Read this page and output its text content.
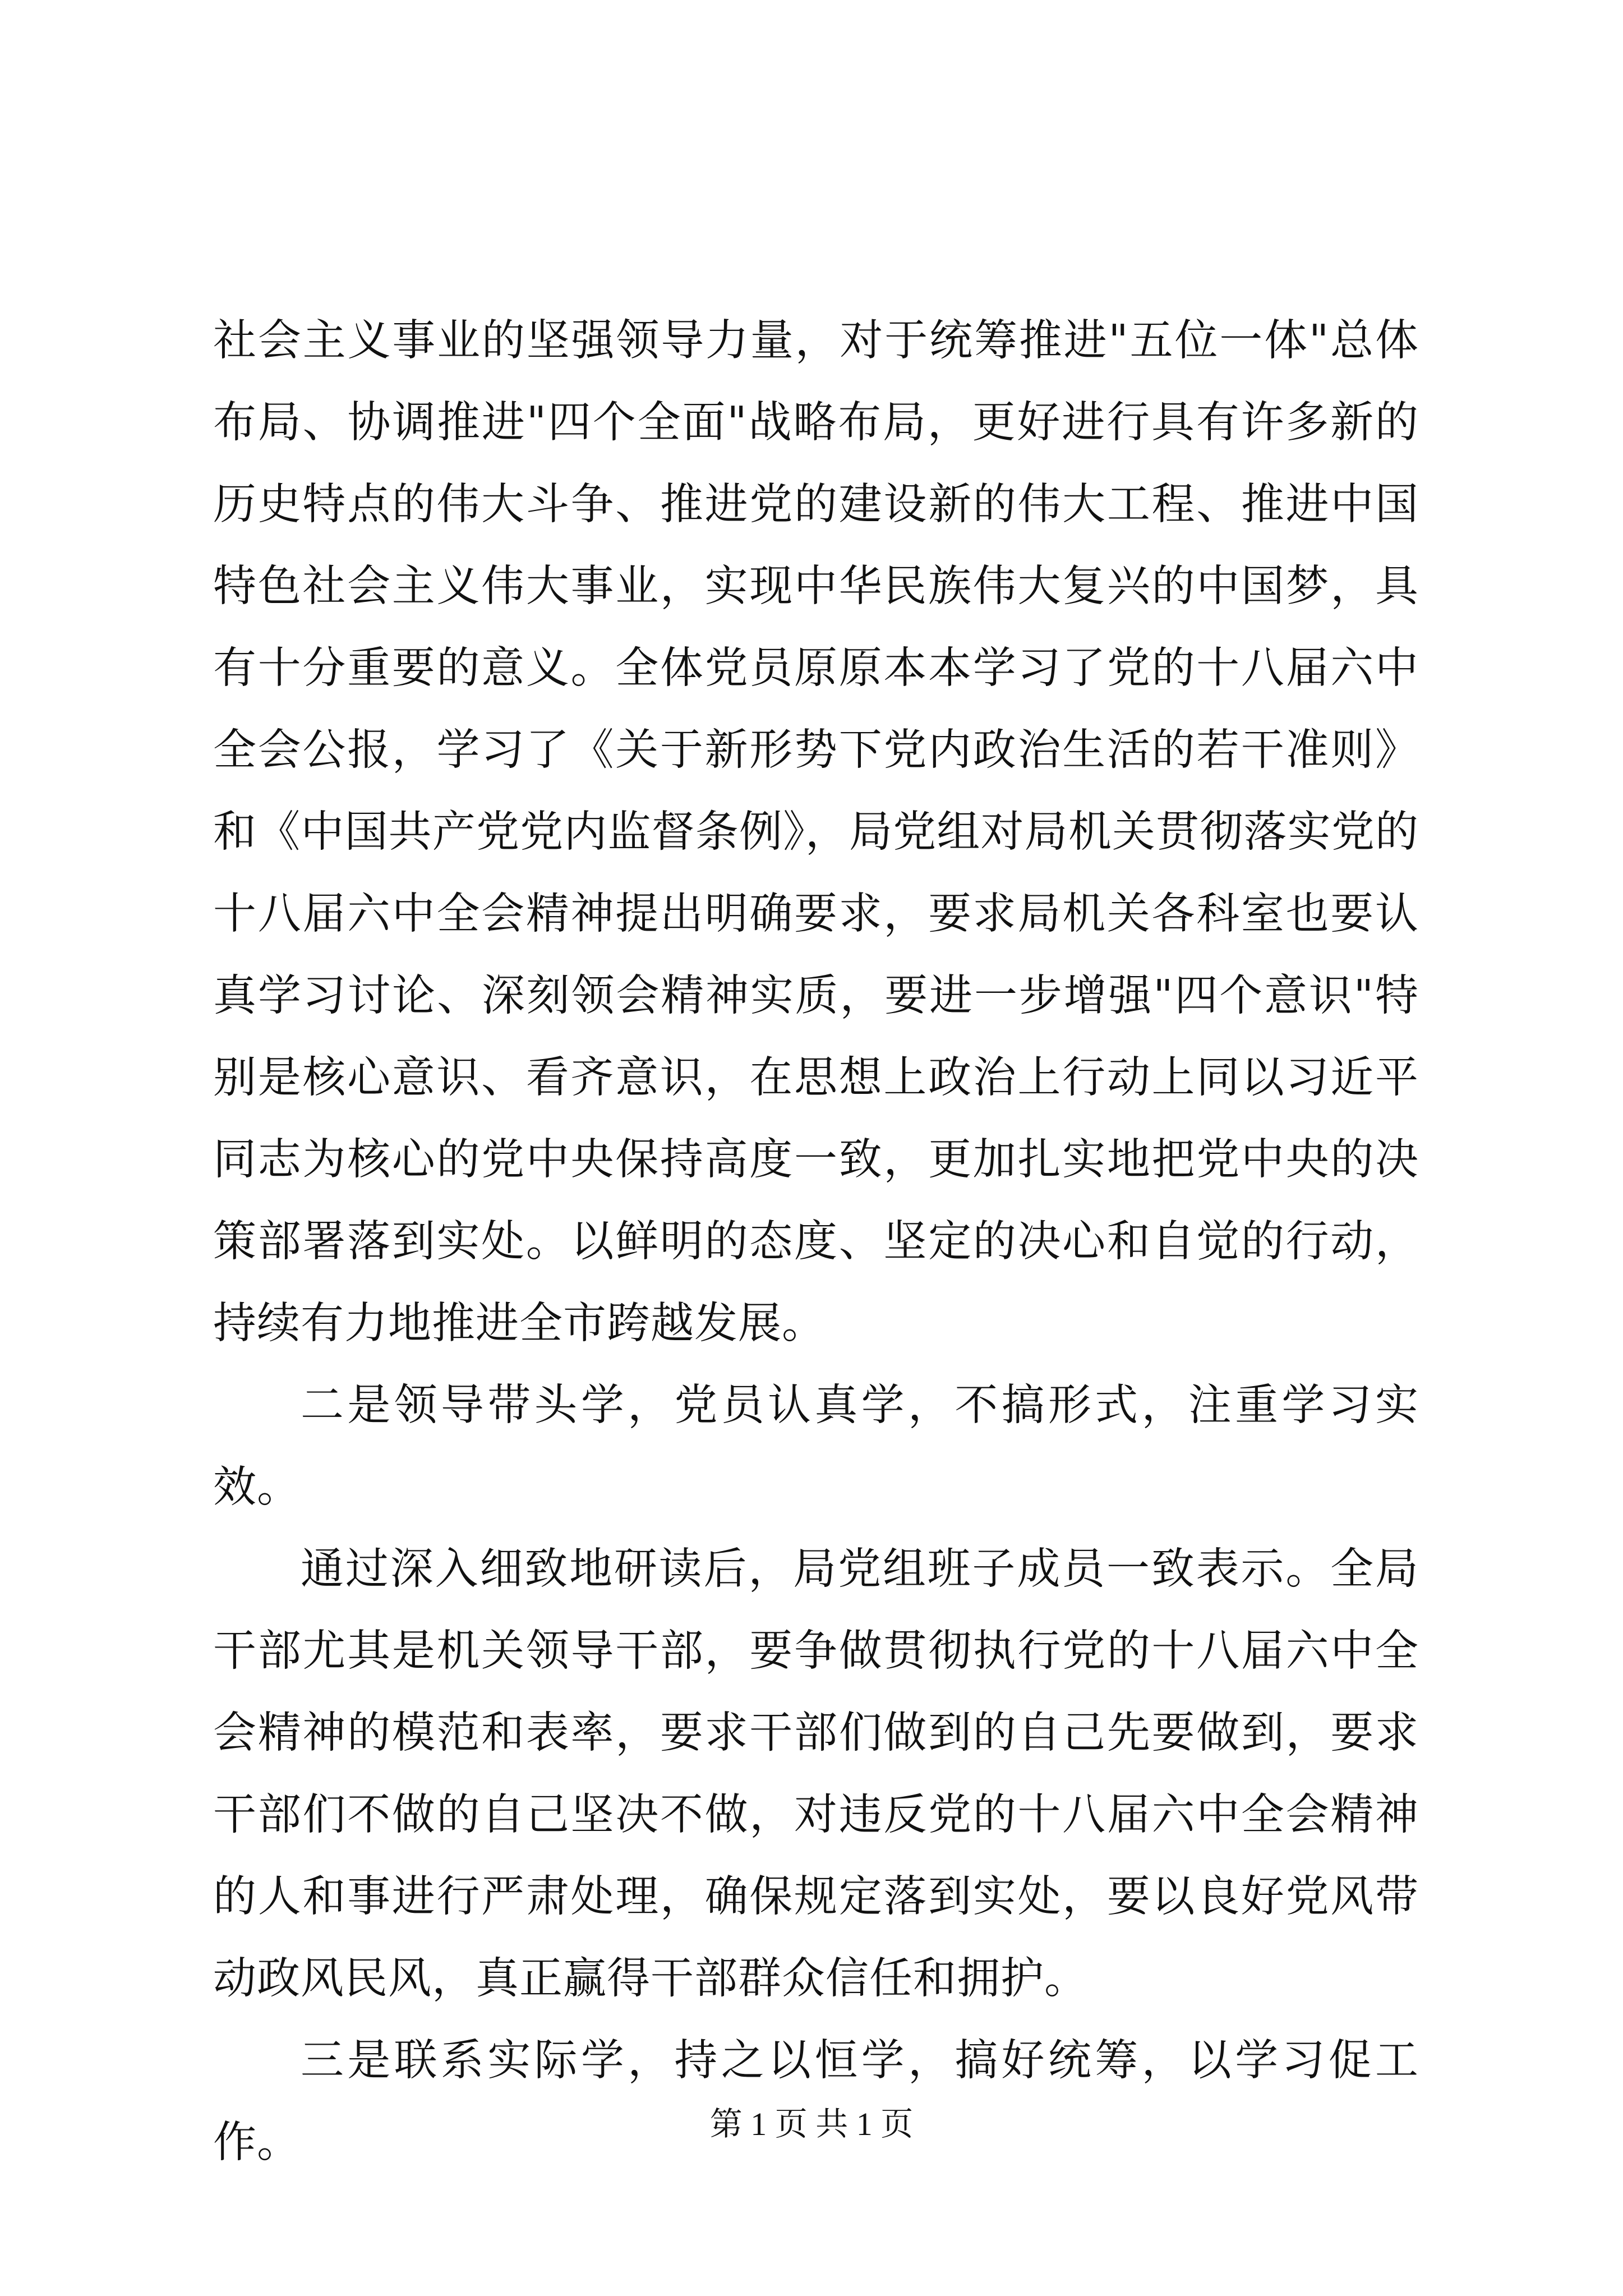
社会主义事业的坚强领导力量，对于统筹推进"五位一体"总体布局、协调推进"四个全面"战略布局，更好进行具有许多新的历史特点的伟大斗争、推进党的建设新的伟大工程、推进中国特色社会主义伟大事业，实现中华民族伟大复兴的中国梦，具有十分重要的意义。全体党员原原本本学习了党的十八届六中全会公报，学习了《关于新形势下党内政治生活的若干准则》和《中国共产党党内监督条例》，局党组对局机关贯彻落实党的十八届六中全会精神提出明确要求，要求局机关各科室也要认真学习讨论、深刻领会精神实质，要进一步增强"四个意识"特别是核心意识、看齐意识，在思想上政治上行动上同以习近平同志为核心的党中央保持高度一致，更加扎实地把党中央的决策部署落到实处。以鲜明的态度、坚定的决心和自觉的行动，持续有力地推进全市跨越发展。

二是领导带头学，党员认真学，不搞形式，注重学习实效。

通过深入细致地研读后，局党组班子成员一致表示。全局干部尤其是机关领导干部，要争做贯彻执行党的十八届六中全会精神的模范和表率，要求干部们做到的自己先要做到，要求干部们不做的自己坚决不做，对违反党的十八届六中全会精神的人和事进行严肃处理，确保规定落到实处，要以良好党风带动政风民风，真正赢得干部群众信任和拥护。

三是联系实际学，持之以恒学，搞好统筹，以学习促工作。	第 1 页 共 1 页
